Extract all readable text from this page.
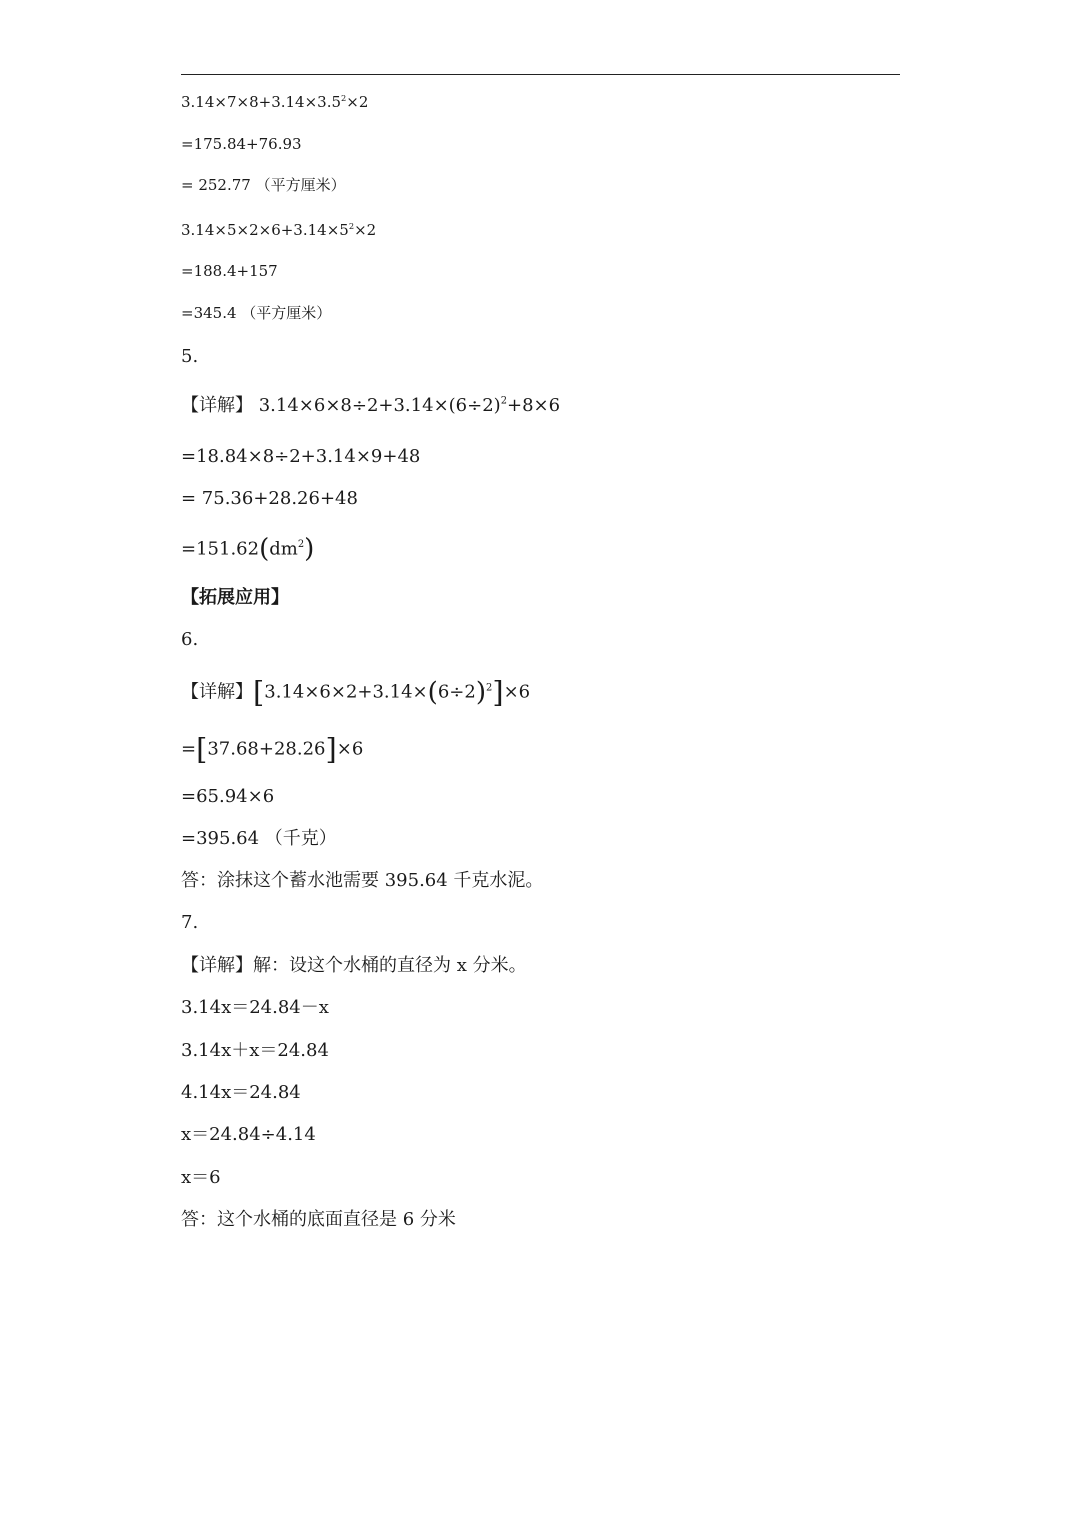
$3.14\times 7\times 8+3.14\times 3.5^2\times 2$
=175.84+76.93
= 252.77 （平方厘米）
$3.14\times 5\times 2\times 6+3.14\times 5^2\times 2$
=188.4+157
=345.4 （平方厘米）
5.
【详解】 $3.14\times 6\times 8\div 2+3.14\times(6\div 2)^2+8\times 6$
=18.84×8÷2+3.14×9+48
= 75.36+28.26+48
$=151.62(dm^2)$
【拓展应用】
6.
【详解】$[3.14\times 6\times 2+3.14\times(6\div 2)^2]\times 6$
=[37.68+28.26]×6
=65.94×6
=395.64 （千克）
答：涂抹这个蓄水池需要 395.64 千克水泥。
7.
【详解】解：设这个水桶的直径为 x 分米。
3.14x＝24.84－x
3.14x＋x＝24.84
4.14x＝24.84
x＝24.84÷4.14
x＝6
答：这个水桶的底面直径是 6 分米
